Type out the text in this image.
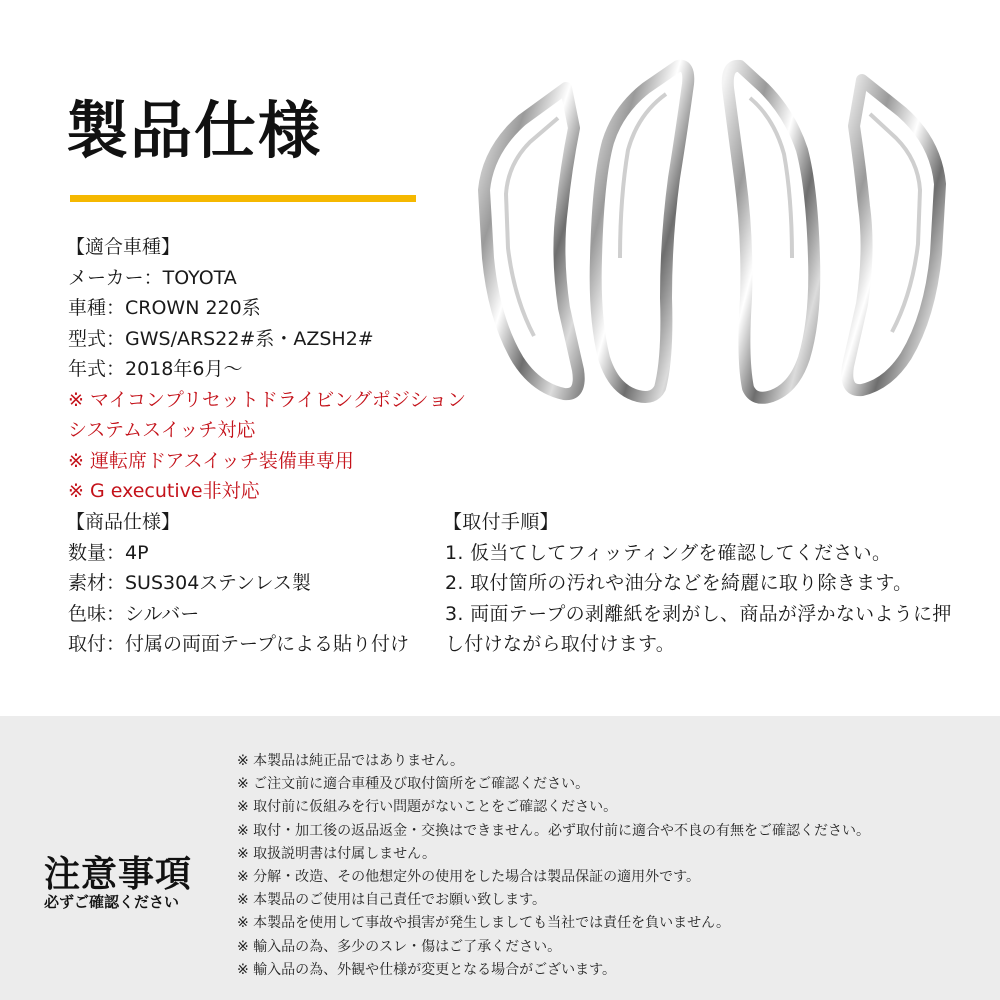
製品仕様
【適合車種】
メーカー：TOYOTA
車種：CROWN 220系
型式：GWS/ARS22#系・AZSH2#
年式：2018年6月～
※ マイコンプリセットドライビングポジション
システムスイッチ対応
※ 運転席ドアスイッチ装備車専用
※ G executive非対応
【商品仕様】
数量：4P
素材：SUS304ステンレス製
色味：シルバー
取付：付属の両面テープによる貼り付け
【取付手順】
1. 仮当てしてフィッティングを確認してください。
2. 取付箇所の汚れや油分などを綺麗に取り除きます。
3. 両面テープの剥離紙を剥がし、商品が浮かないように押
し付けながら取付けます。
注意事項
必ずご確認ください
※ 本製品は純正品ではありません。
※ ご注文前に適合車種及び取付箇所をご確認ください。
※ 取付前に仮組みを行い問題がないことをご確認ください。
※ 取付・加工後の返品返金・交換はできません。必ず取付前に適合や不良の有無をご確認ください。
※ 取扱説明書は付属しません。
※ 分解・改造、その他想定外の使用をした場合は製品保証の適用外です。
※ 本製品のご使用は自己責任でお願い致します。
※ 本製品を使用して事故や損害が発生しましても当社では責任を負いません。
※ 輸入品の為、多少のスレ・傷はご了承ください。
※ 輸入品の為、外観や仕様が変更となる場合がございます。
